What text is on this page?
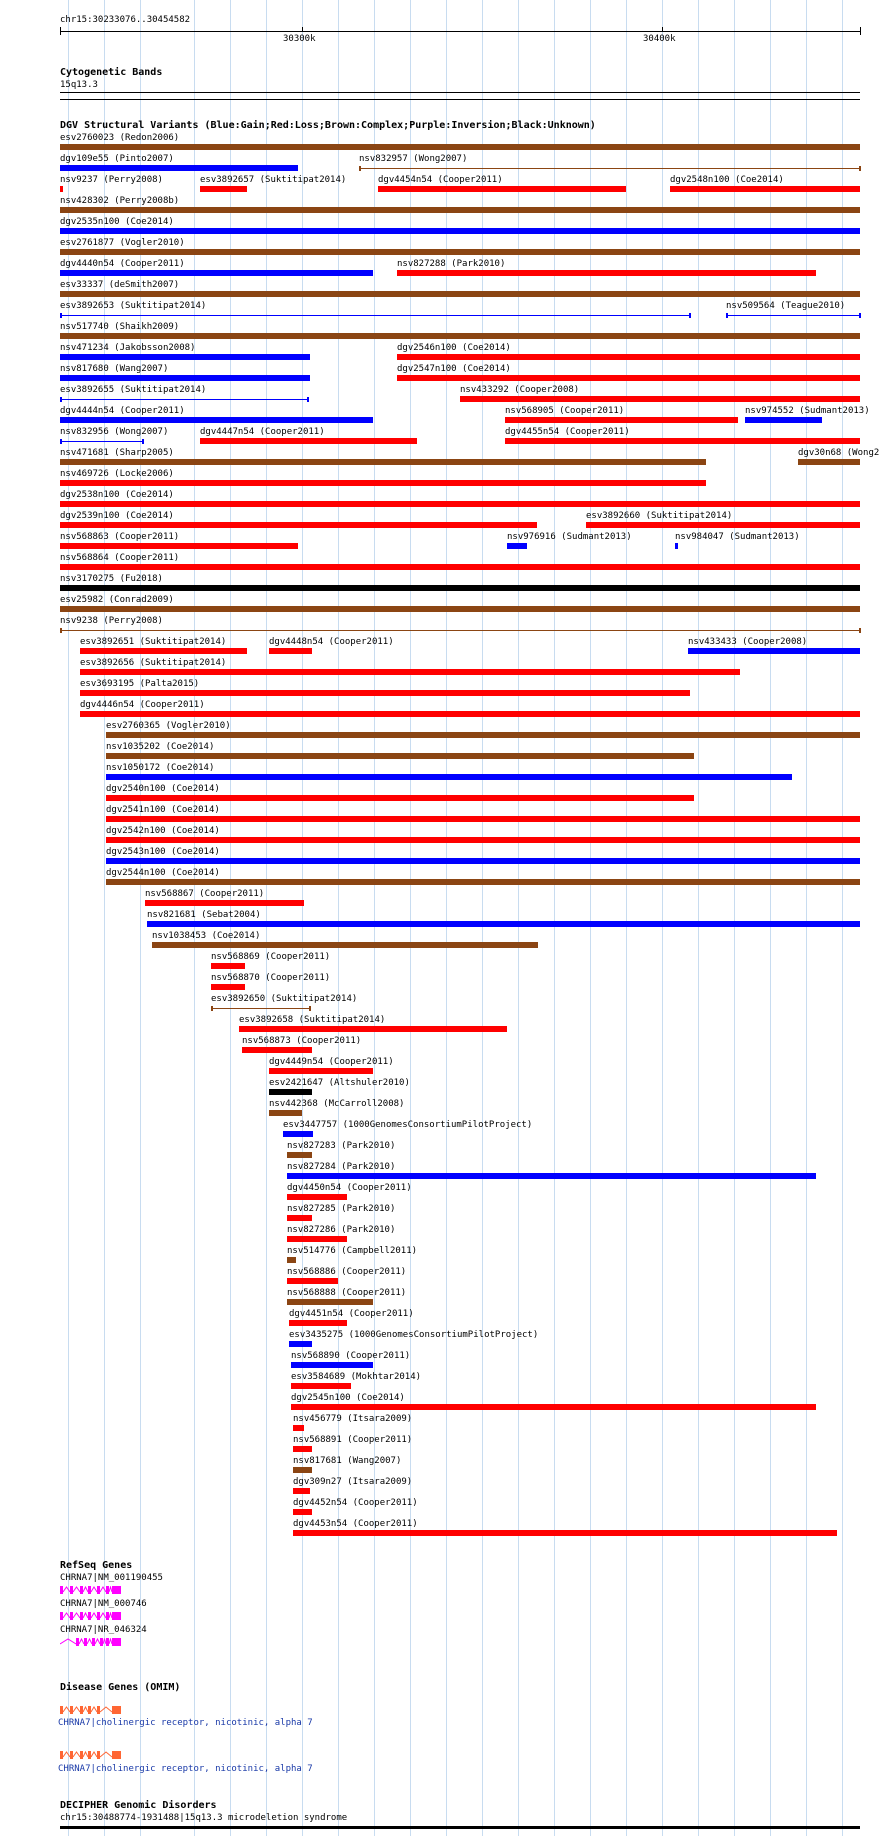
chr15:30233076..30454582
30300k	30400k
Cytogenetic Bands
15q13.3
DGV Structural Variants (Blue:Gain;Red:Loss;Brown:Complex;Purple:Inversion;Black:Unknown)
esv2760023 (Redon2006)
dgv109e55 (Pinto2007)	nsv832957 (Wong2007)
nsv9237 (Perry2008)	esv3892657 (Suktitipat2014)	dgv4454n54 (Cooper2011)	dgv2548n100 (Coe2014)
nsv428302 (Perry2008b)
dgv2535n100 (Coe2014)
esv2761877 (Vogler2010)
dgv4440n54 (Cooper2011)	nsv827288 (Park2010)
esv33337 (deSmith2007)
esv3892653 (Suktitipat2014)	nsv509564 (Teague2010)
nsv517740 (Shaikh2009)
nsv471234 (Jakobsson2008)	dgv2546n100 (Coe2014)
nsv817680 (Wang2007)	dgv2547n100 (Coe2014)
esv3892655 (Suktitipat2014)	nsv433292 (Cooper2008)
dgv4444n54 (Cooper2011)	nsv568905 (Cooper2011)	nsv974552 (Sudmant2013)
nsv832956 (Wong2007)	dgv4447n54 (Cooper2011)	dgv4455n54 (Cooper2011)
nsv471681 (Sharp2005)	dgv30n68 (Wong2
nsv469726 (Locke2006)
dgv2538n100 (Coe2014)
dgv2539n100 (Coe2014)	esv3892660 (Suktitipat2014)
nsv568863 (Cooper2011)	nsv976916 (Sudmant2013)	nsv984047 (Sudmant2013)
nsv568864 (Cooper2011)
nsv3170275 (Fu2018)
esv25982 (Conrad2009)
nsv9238 (Perry2008)
esv3892651 (Suktitipat2014)	dgv4448n54 (Cooper2011)	nsv433433 (Cooper2008)
esv3892656 (Suktitipat2014)
esv3693195 (Palta2015)
dgv4446n54 (Cooper2011)
esv2760365 (Vogler2010)
nsv1035202 (Coe2014)
nsv1050172 (Coe2014)
dgv2540n100 (Coe2014)
dgv2541n100 (Coe2014)
dgv2542n100 (Coe2014)
dgv2543n100 (Coe2014)
dgv2544n100 (Coe2014)
nsv568867 (Cooper2011)
nsv821681 (Sebat2004)
nsv1038453 (Coe2014)
nsv568869 (Cooper2011)
nsv568870 (Cooper2011)
esv3892650 (Suktitipat2014)
esv3892658 (Suktitipat2014)
nsv568873 (Cooper2011)
dgv4449n54 (Cooper2011)
esv2421647 (Altshuler2010)
nsv442368 (McCarroll2008)
esv3447757 (1000GenomesConsortiumPilotProject)
nsv827283 (Park2010)
nsv827284 (Park2010)
dgv4450n54 (Cooper2011)
nsv827285 (Park2010)
nsv827286 (Park2010)
nsv514776 (Campbell2011)
nsv568886 (Cooper2011)
nsv568888 (Cooper2011)
dgv4451n54 (Cooper2011)
esv3435275 (1000GenomesConsortiumPilotProject)
nsv568890 (Cooper2011)
esv3584689 (Mokhtar2014)
dgv2545n100 (Coe2014)
nsv456779 (Itsara2009)
nsv568891 (Cooper2011)
nsv817681 (Wang2007)
dgv309n27 (Itsara2009)
dgv4452n54 (Cooper2011)
dgv4453n54 (Cooper2011)
RefSeq Genes
CHRNA7|NM_001190455
CHRNA7|NM_000746
CHRNA7|NR_046324
Disease Genes (OMIM)
CHRNA7|cholinergic receptor, nicotinic, alpha 7
CHRNA7|cholinergic receptor, nicotinic, alpha 7
DECIPHER Genomic Disorders
chr15:30488774-1931488|15q13.3 microdeletion syndrome
